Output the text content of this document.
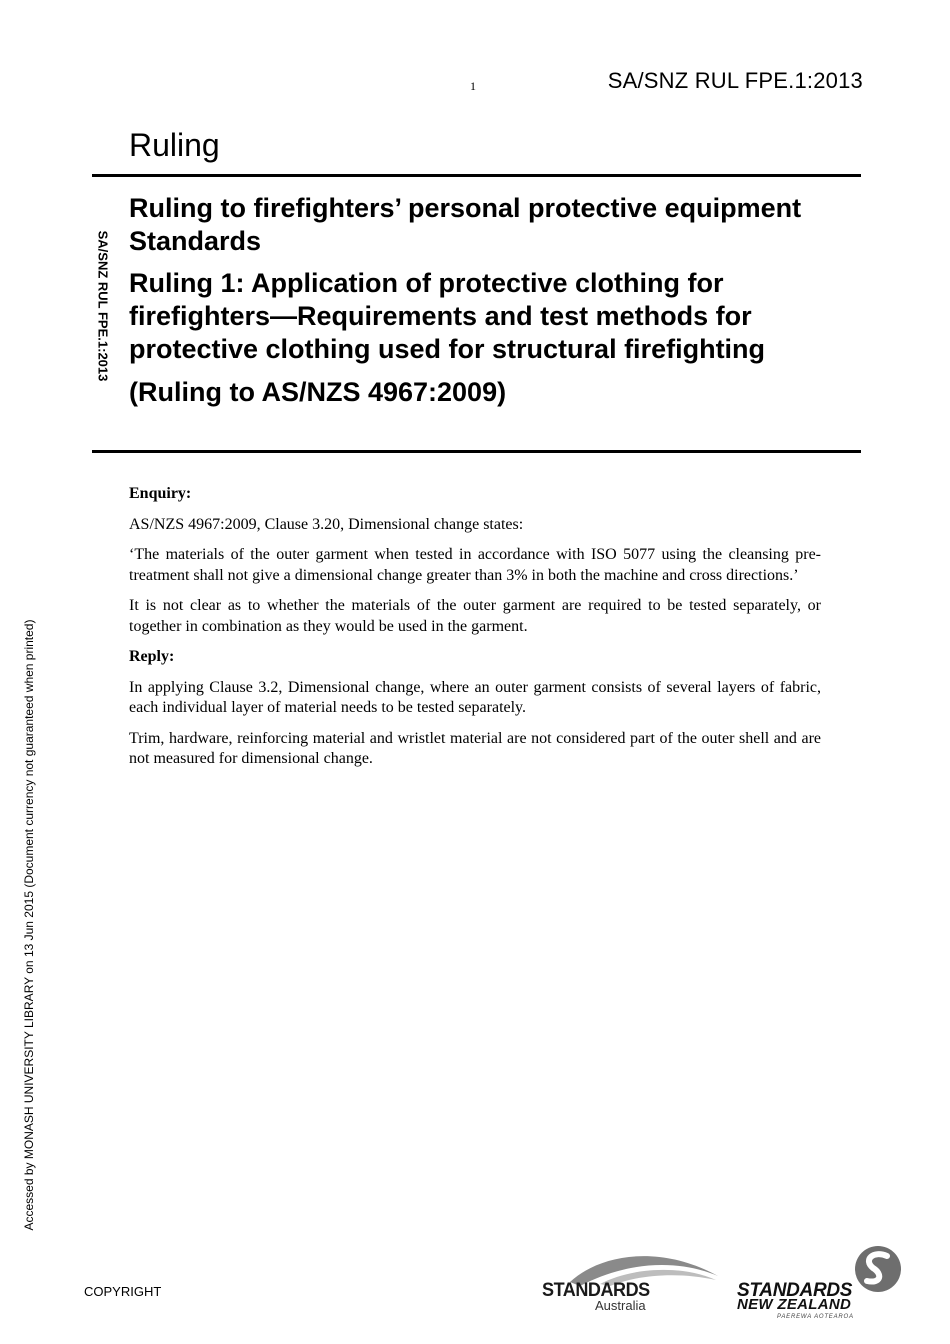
1	SA/SNZ RUL FPE.1:2013
Ruling
SA/SNZ RUL FPE.1:2013

Ruling to firefighters’ personal protective equipment Standards

Ruling 1: Application of protective clothing for firefighters—Requirements and test methods for protective clothing used for structural firefighting

(Ruling to AS/NZS 4967:2009)

Enquiry:

AS/NZS 4967:2009, Clause 3.20, Dimensional change states:

‘The materials of the outer garment when tested in accordance with ISO 5077 using the cleansing pre-treatment shall not give a dimensional change greater than 3% in both the machine and cross directions.’

It is not clear as to whether the materials of the outer garment are required to be tested separately, or together in combination as they would be used in the garment.

Reply:

In applying Clause 3.2, Dimensional change, where an outer garment consists of several layers of fabric, each individual layer of material needs to be tested separately.

Trim, hardware, reinforcing material and wristlet material are not considered part of the outer shell and are not measured for dimensional change.

Accessed by MONASH UNIVERSITY LIBRARY on 13 Jun 2015 (Document currency not guaranteed when printed)
COPYRIGHT	STANDARDS
Australia
STANDARDS
NEW ZEALAND
PAEREWA AOTEAROA
